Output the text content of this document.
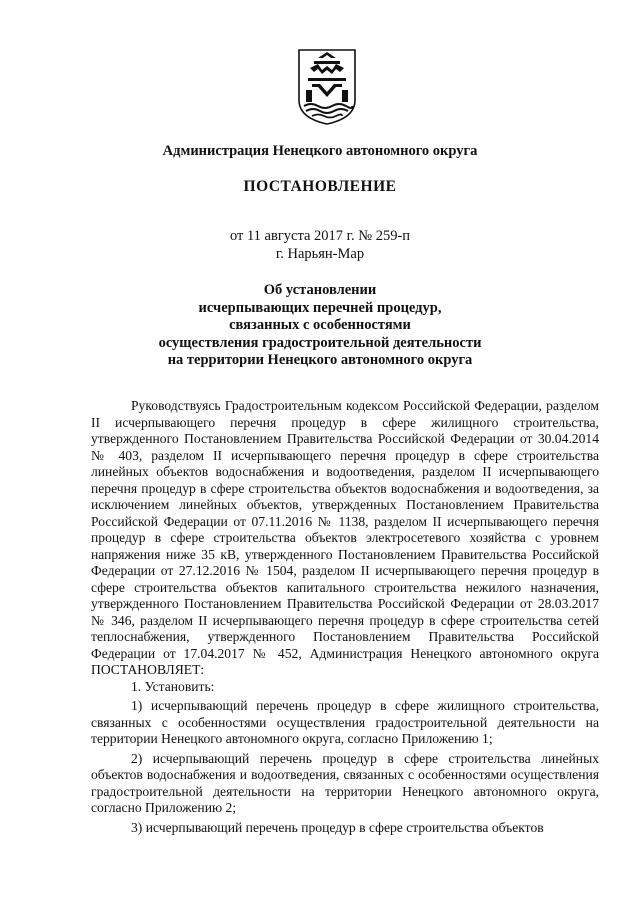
Администрация Ненецкого автономного округа
ПОСТАНОВЛЕНИЕ
от 11 августа 2017 г. № 259-п
г. Нарьян-Мар
Об установлении
исчерпывающих перечней процедур,
связанных с особенностями
осуществления градостроительной деятельности
на территории Ненецкого автономного округа

Руководствуясь Градостроительным кодексом Российской Федерации, разделом II исчерпывающего перечня процедур в сфере жилищного строительства, утвержденного Постановлением Правительства Российской Федерации от 30.04.2014 № 403, разделом II исчерпывающего перечня процедур в сфере строительства линейных объектов водоснабжения и водоотведения, разделом II исчерпывающего перечня процедур в сфере строительства объектов водоснабжения и водоотведения, за исключением линейных объектов, утвержденных Постановлением Правительства Российской Федерации от 07.11.2016 № 1138, разделом II исчерпывающего перечня процедур в сфере строительства объектов электросетевого хозяйства с уровнем напряжения ниже 35 кВ, утвержденного Постановлением Правительства Российской Федерации от 27.12.2016 № 1504, разделом II исчерпывающего перечня процедур в сфере строительства объектов капитального строительства нежилого назначения, утвержденного Постановлением Правительства Российской Федерации от 28.03.2017 № 346, разделом II исчерпывающего перечня процедур в сфере строительства сетей теплоснабжения, утвержденного Постановлением Правительства Российской Федерации от 17.04.2017 № 452, Администрация Ненецкого автономного округа ПОСТАНОВЛЯЕТ:

1. Установить:

1) исчерпывающий перечень процедур в сфере жилищного строительства, связанных с особенностями осуществления градостроительной деятельности на территории Ненецкого автономного округа, согласно Приложению 1;

2) исчерпывающий перечень процедур в сфере строительства линейных объектов водоснабжения и водоотведения, связанных с особенностями осуществления градостроительной деятельности на территории Ненецкого автономного округа, согласно Приложению 2;

3) исчерпывающий перечень процедур в сфере строительства объектов
